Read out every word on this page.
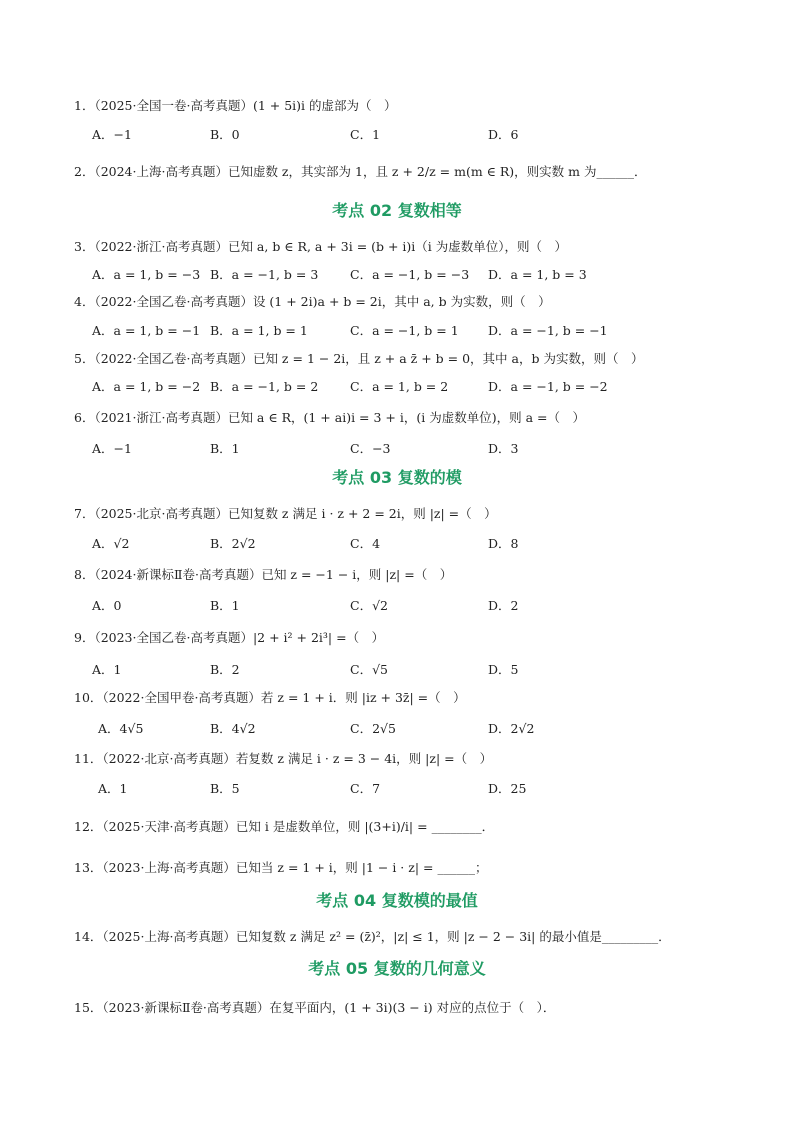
1．（2025·全国一卷·高考真题）(1 + 5i)i 的虚部为（　）
A．−1	B．0	C．1	D．6
2．（2024·上海·高考真题）已知虚数 z，其实部为 1，且 z + 2/z = m(m ∈ R)，则实数 m 为______．
考点 02 复数相等
3．（2022·浙江·高考真题）已知 a, b ∈ R, a + 3i = (b + i)i（i 为虚数单位），则（　）
A．a = 1, b = −3 B．a = −1, b = 3	C．a = −1, b = −3 D．a = 1, b = 3
4．（2022·全国乙卷·高考真题）设 (1 + 2i)a + b = 2i，其中 a, b 为实数，则（　）
A．a = 1, b = −1 B．a = 1, b = 1	C．a = −1, b = 1 D．a = −1, b = −1
5．（2022·全国乙卷·高考真题）已知 z = 1 − 2i，且 z + a z̄ + b = 0，其中 a，b 为实数，则（　）
A．a = 1, b = −2 B．a = −1, b = 2	C．a = 1, b = 2	D．a = −1, b = −2
6．（2021·浙江·高考真题）已知 a ∈ R，(1 + ai)i = 3 + i，(i 为虚数单位)，则 a =（　）
A．−1	B．1	C．−3	D．3
考点 03 复数的模
7．（2025·北京·高考真题）已知复数 z 满足 i · z + 2 = 2i，则 |z| =（　）
A．√2	B．2√2	C．4	D．8
8．（2024·新课标Ⅱ卷·高考真题）已知 z = −1 − i，则 |z| =（　）
A．0	B．1	C．√2	D．2
9．（2023·全国乙卷·高考真题）|2 + i² + 2i³| =（　）
A．1	B．2	C．√5	D．5
10．（2022·全国甲卷·高考真题）若 z = 1 + i．则 |iz + 3z̄| =（　）
A．4√5	B．4√2	C．2√5	D．2√2
11．（2022·北京·高考真题）若复数 z 满足 i · z = 3 − 4i，则 |z| =（　）
A．1	B．5	C．7	D．25
12．（2025·天津·高考真题）已知 i 是虚数单位，则 |(3+i)/i| = ________．
13．（2023·上海·高考真题）已知当 z = 1 + i，则 |1 − i · z| = ______；
考点 04 复数模的最值
14．（2025·上海·高考真题）已知复数 z 满足 z² = (z̄)²，|z| ≤ 1，则 |z − 2 − 3i| 的最小值是_________．
考点 05 复数的几何意义
15．（2023·新课标Ⅱ卷·高考真题）在复平面内，(1 + 3i)(3 − i) 对应的点位于（　）．
